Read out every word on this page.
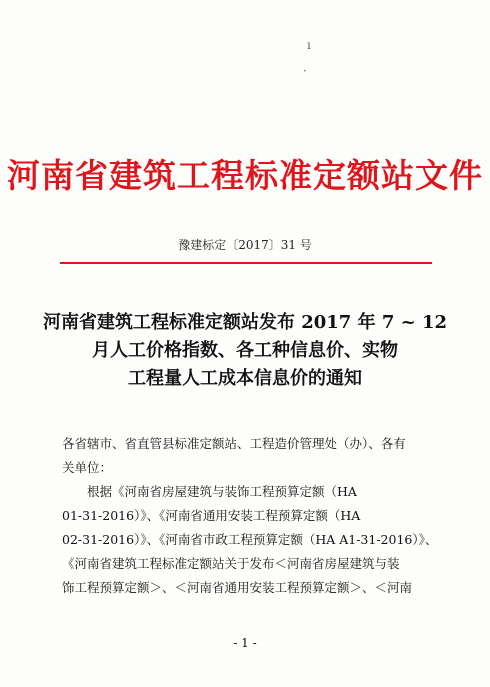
ı
·
河南省建筑工程标准定额站文件
豫建标定〔2017〕31 号
河南省建筑工程标准定额站发布 2017 年 7 ~ 12
月人工价格指数、各工种信息价、实物
工程量人工成本信息价的通知
各省辖市、省直管县标准定额站、工程造价管理处（办）、各有
关单位：
根据《河南省房屋建筑与装饰工程预算定额（HA
01-31-2016）》、《河南省通用安装工程预算定额（HA
02-31-2016）》、《河南省市政工程预算定额（HA A1-31-2016）》、
《河南省建筑工程标准定额站关于发布＜河南省房屋建筑与装
饰工程预算定额＞、＜河南省通用安装工程预算定额＞、＜河南
- 1 -
